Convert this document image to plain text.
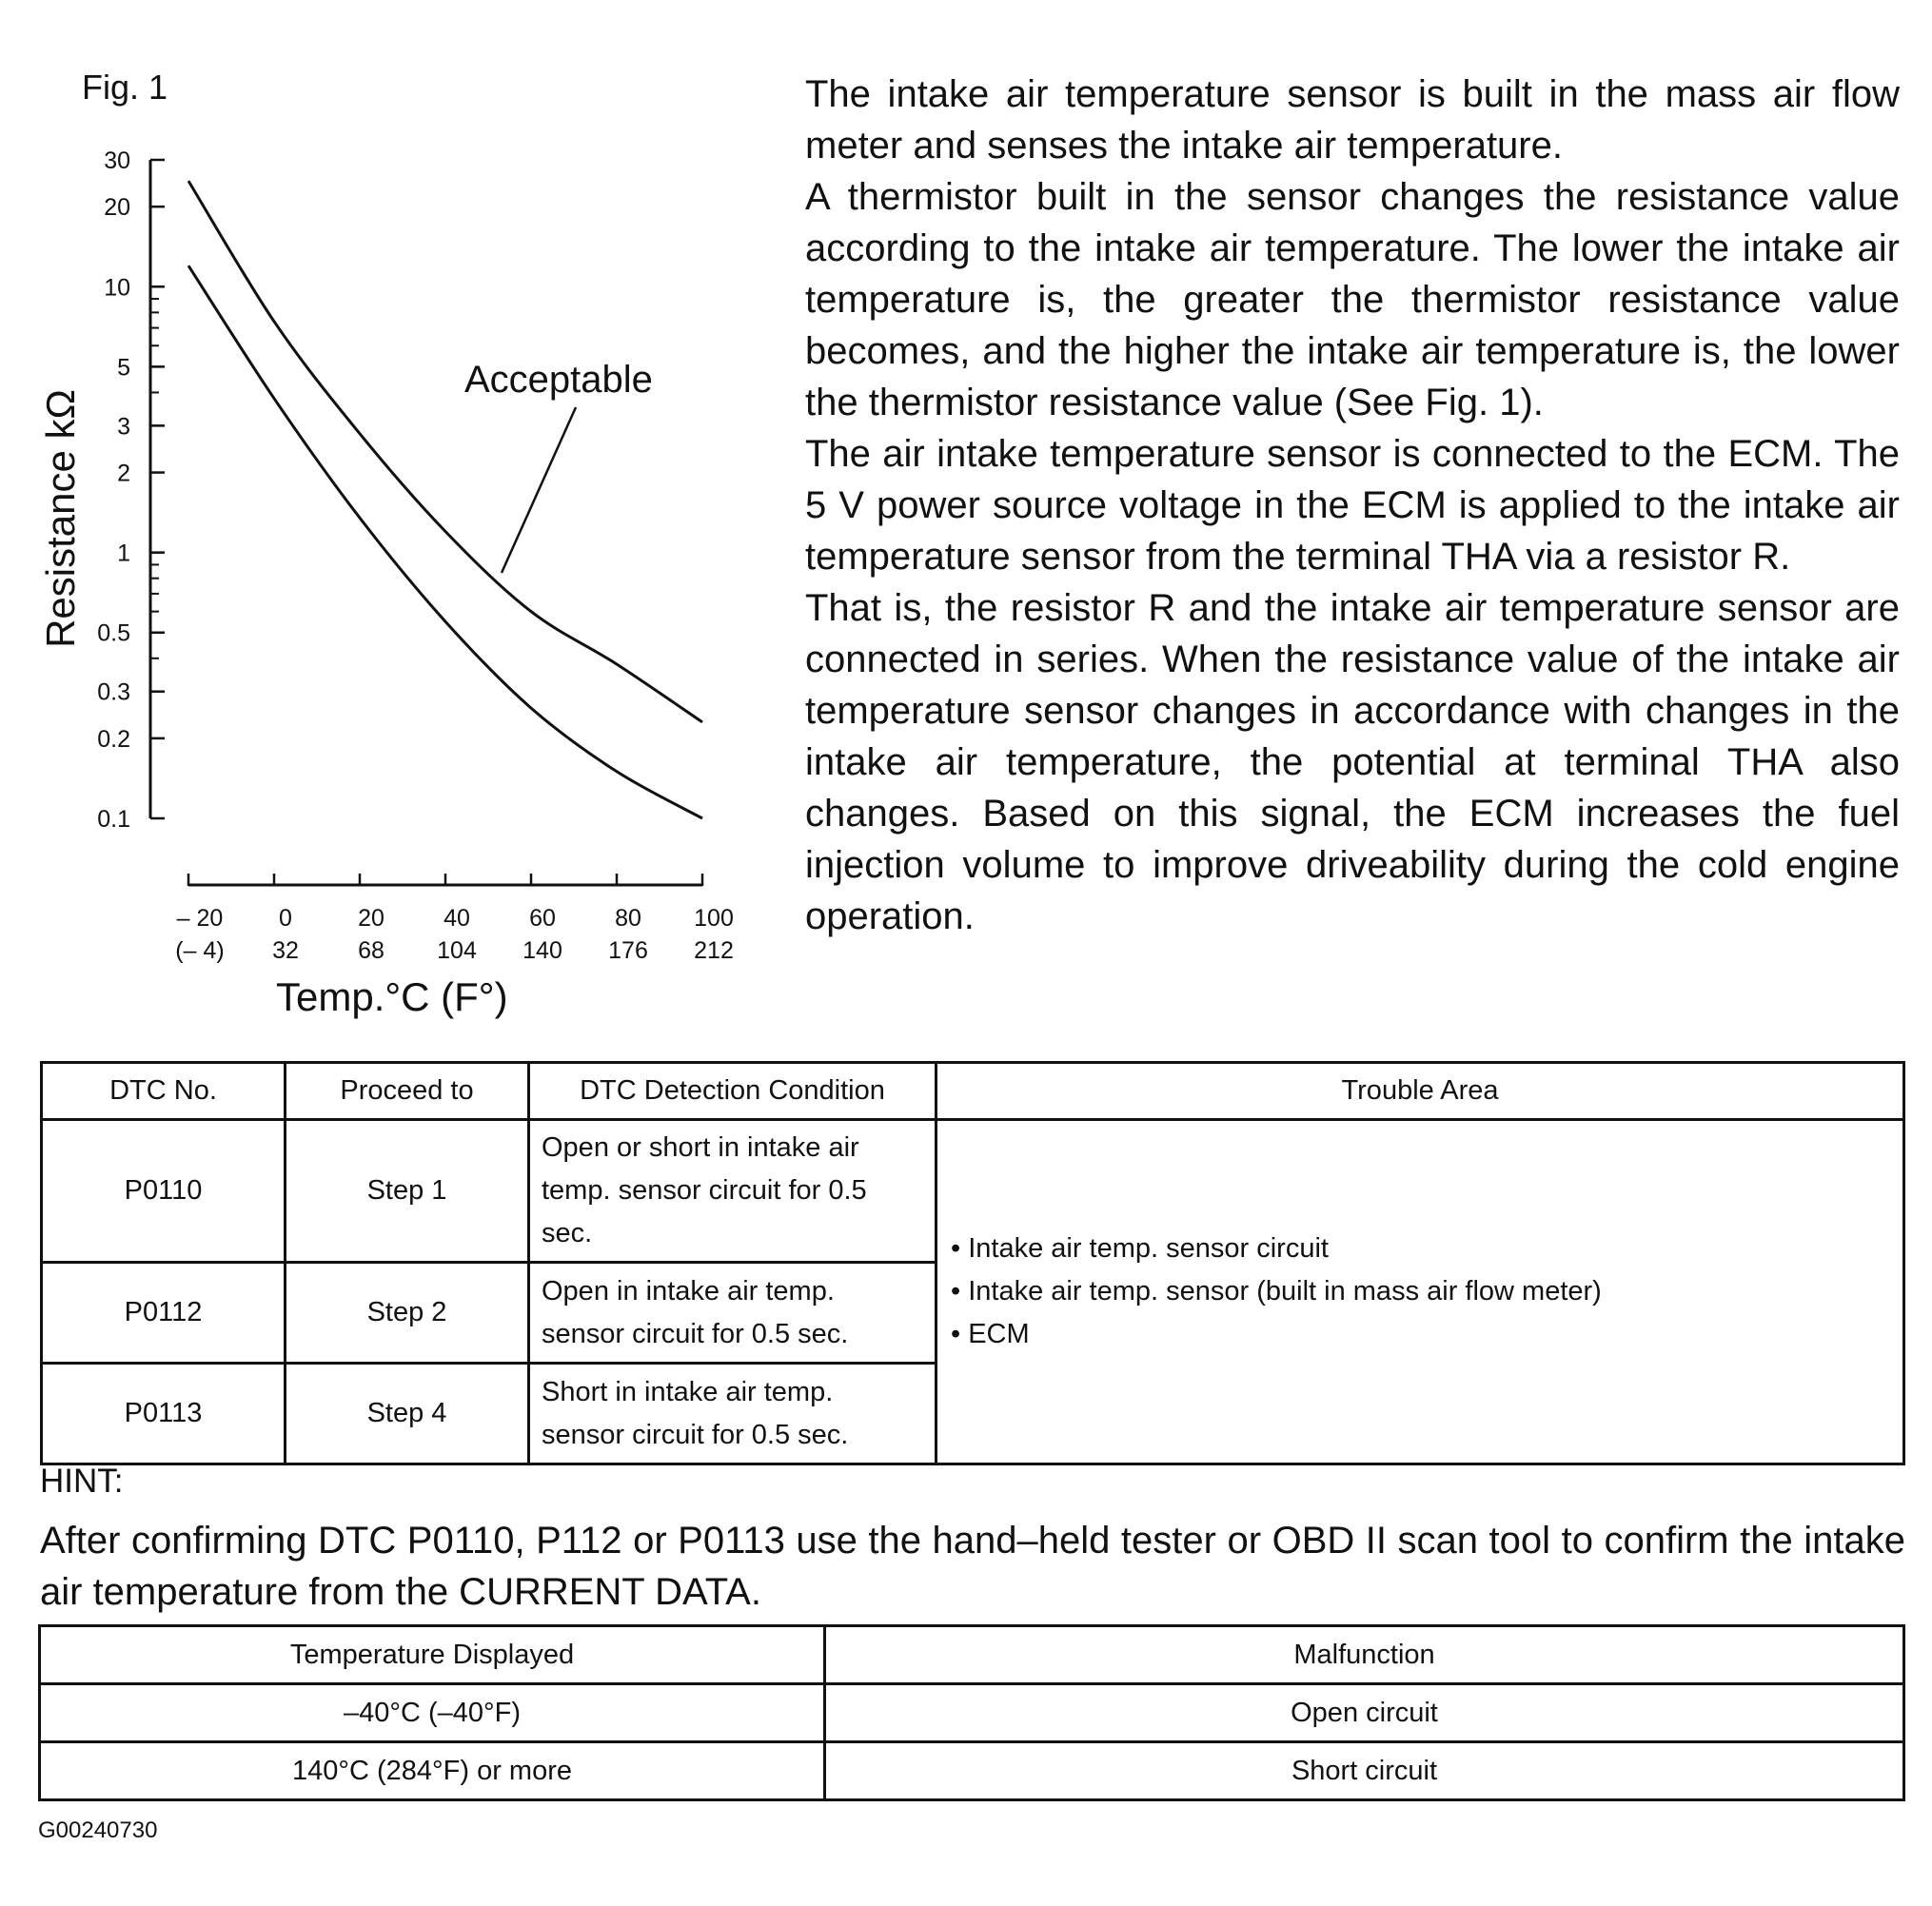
Fig. 1
30
20
10
5
3
2
1
0.5
0.3
0.2
0.1
Resistance kΩ
– 20
(– 4)
0
32
20
68
40
104
60
140
80
176
100
212
Temp.°C (F°)
Acceptable
The intake air temperature sensor is built in the mass air flow meter and senses the intake air temperature.
A thermistor built in the sensor changes the resistance value according to the intake air temperature. The lower the intake air temperature is, the greater the thermistor resistance value becomes, and the higher the intake air temperature is, the lower the thermistor resistance value (See Fig. 1).
The air intake temperature sensor is connected to the ECM. The 5 V power source voltage in the ECM is applied to the intake air temperature sensor from the terminal THA via a resistor R.
That is, the resistor R and the intake air temperature sensor are connected in series. When the resistance value of the intake air temperature sensor changes in accordance with changes in the intake air temperature, the potential at terminal THA also changes. Based on this signal, the ECM increases the fuel injection volume to improve driveability during the cold engine operation.
DTC No.	Proceed to	DTC Detection Condition	Trouble Area
P0110	Step 1	Open or short in intake air temp. sensor circuit for 0.5 sec.	• Intake air temp. sensor circuit
• Intake air temp. sensor (built in mass air flow meter)
• ECM

P0112	Step 2	Open in intake air temp. sensor circuit for 0.5 sec.	
P0113	Step 4	Short in intake air temp. sensor circuit for 0.5 sec.	
HINT:

After confirming DTC P0110, P112 or P0113 use the hand–held tester or OBD II scan tool to confirm the intake air temperature from the CURRENT DATA.

Temperature Displayed	Malfunction
–40°C (–40°F)	Open circuit
140°C (284°F) or more	Short circuit
G00240730
